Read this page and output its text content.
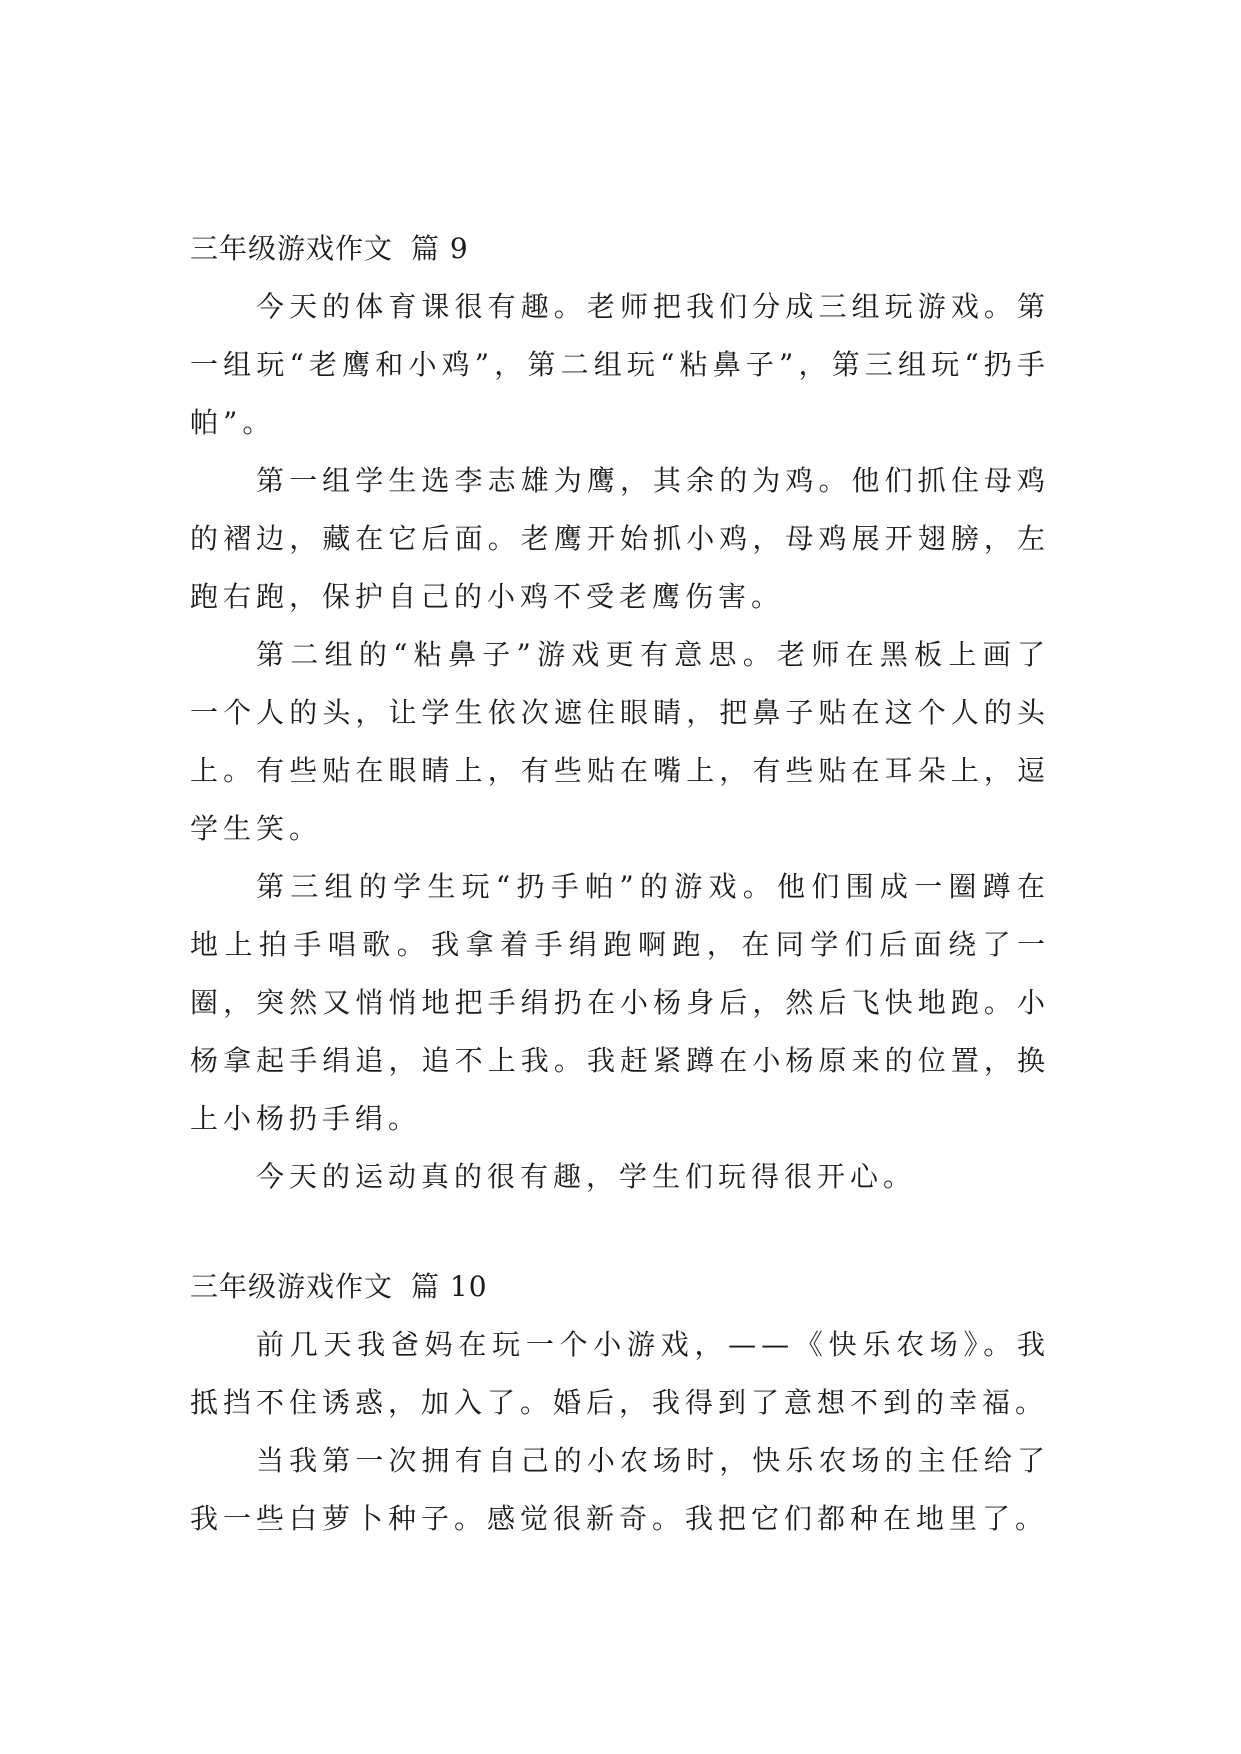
三年级游戏作文 篇 9

今天的体育课很有趣。老师把我们分成三组玩游戏。第一组玩“老鹰和小鸡”，第二组玩“粘鼻子”，第三组玩“扔手帕”。

第一组学生选李志雄为鹰，其余的为鸡。他们抓住母鸡的褶边，藏在它后面。老鹰开始抓小鸡，母鸡展开翅膀，左跑右跑，保护自己的小鸡不受老鹰伤害。

第二组的“粘鼻子”游戏更有意思。老师在黑板上画了一个人的头，让学生依次遮住眼睛，把鼻子贴在这个人的头上。有些贴在眼睛上，有些贴在嘴上，有些贴在耳朵上，逗学生笑。

第三组的学生玩“扔手帕”的游戏。他们围成一圈蹲在地上拍手唱歌。我拿着手绢跑啊跑，在同学们后面绕了一圈，突然又悄悄地把手绢扔在小杨身后，然后飞快地跑。小杨拿起手绢追，追不上我。我赶紧蹲在小杨原来的位置，换上小杨扔手绢。

今天的运动真的很有趣，学生们玩得很开心。

三年级游戏作文 篇 10

前几天我爸妈在玩一个小游戏，——《快乐农场》。我抵挡不住诱惑，加入了。婚后，我得到了意想不到的幸福。

当我第一次拥有自己的小农场时，快乐农场的主任给了我一些白萝卜种子。感觉很新奇。我把它们都种在地里了。
